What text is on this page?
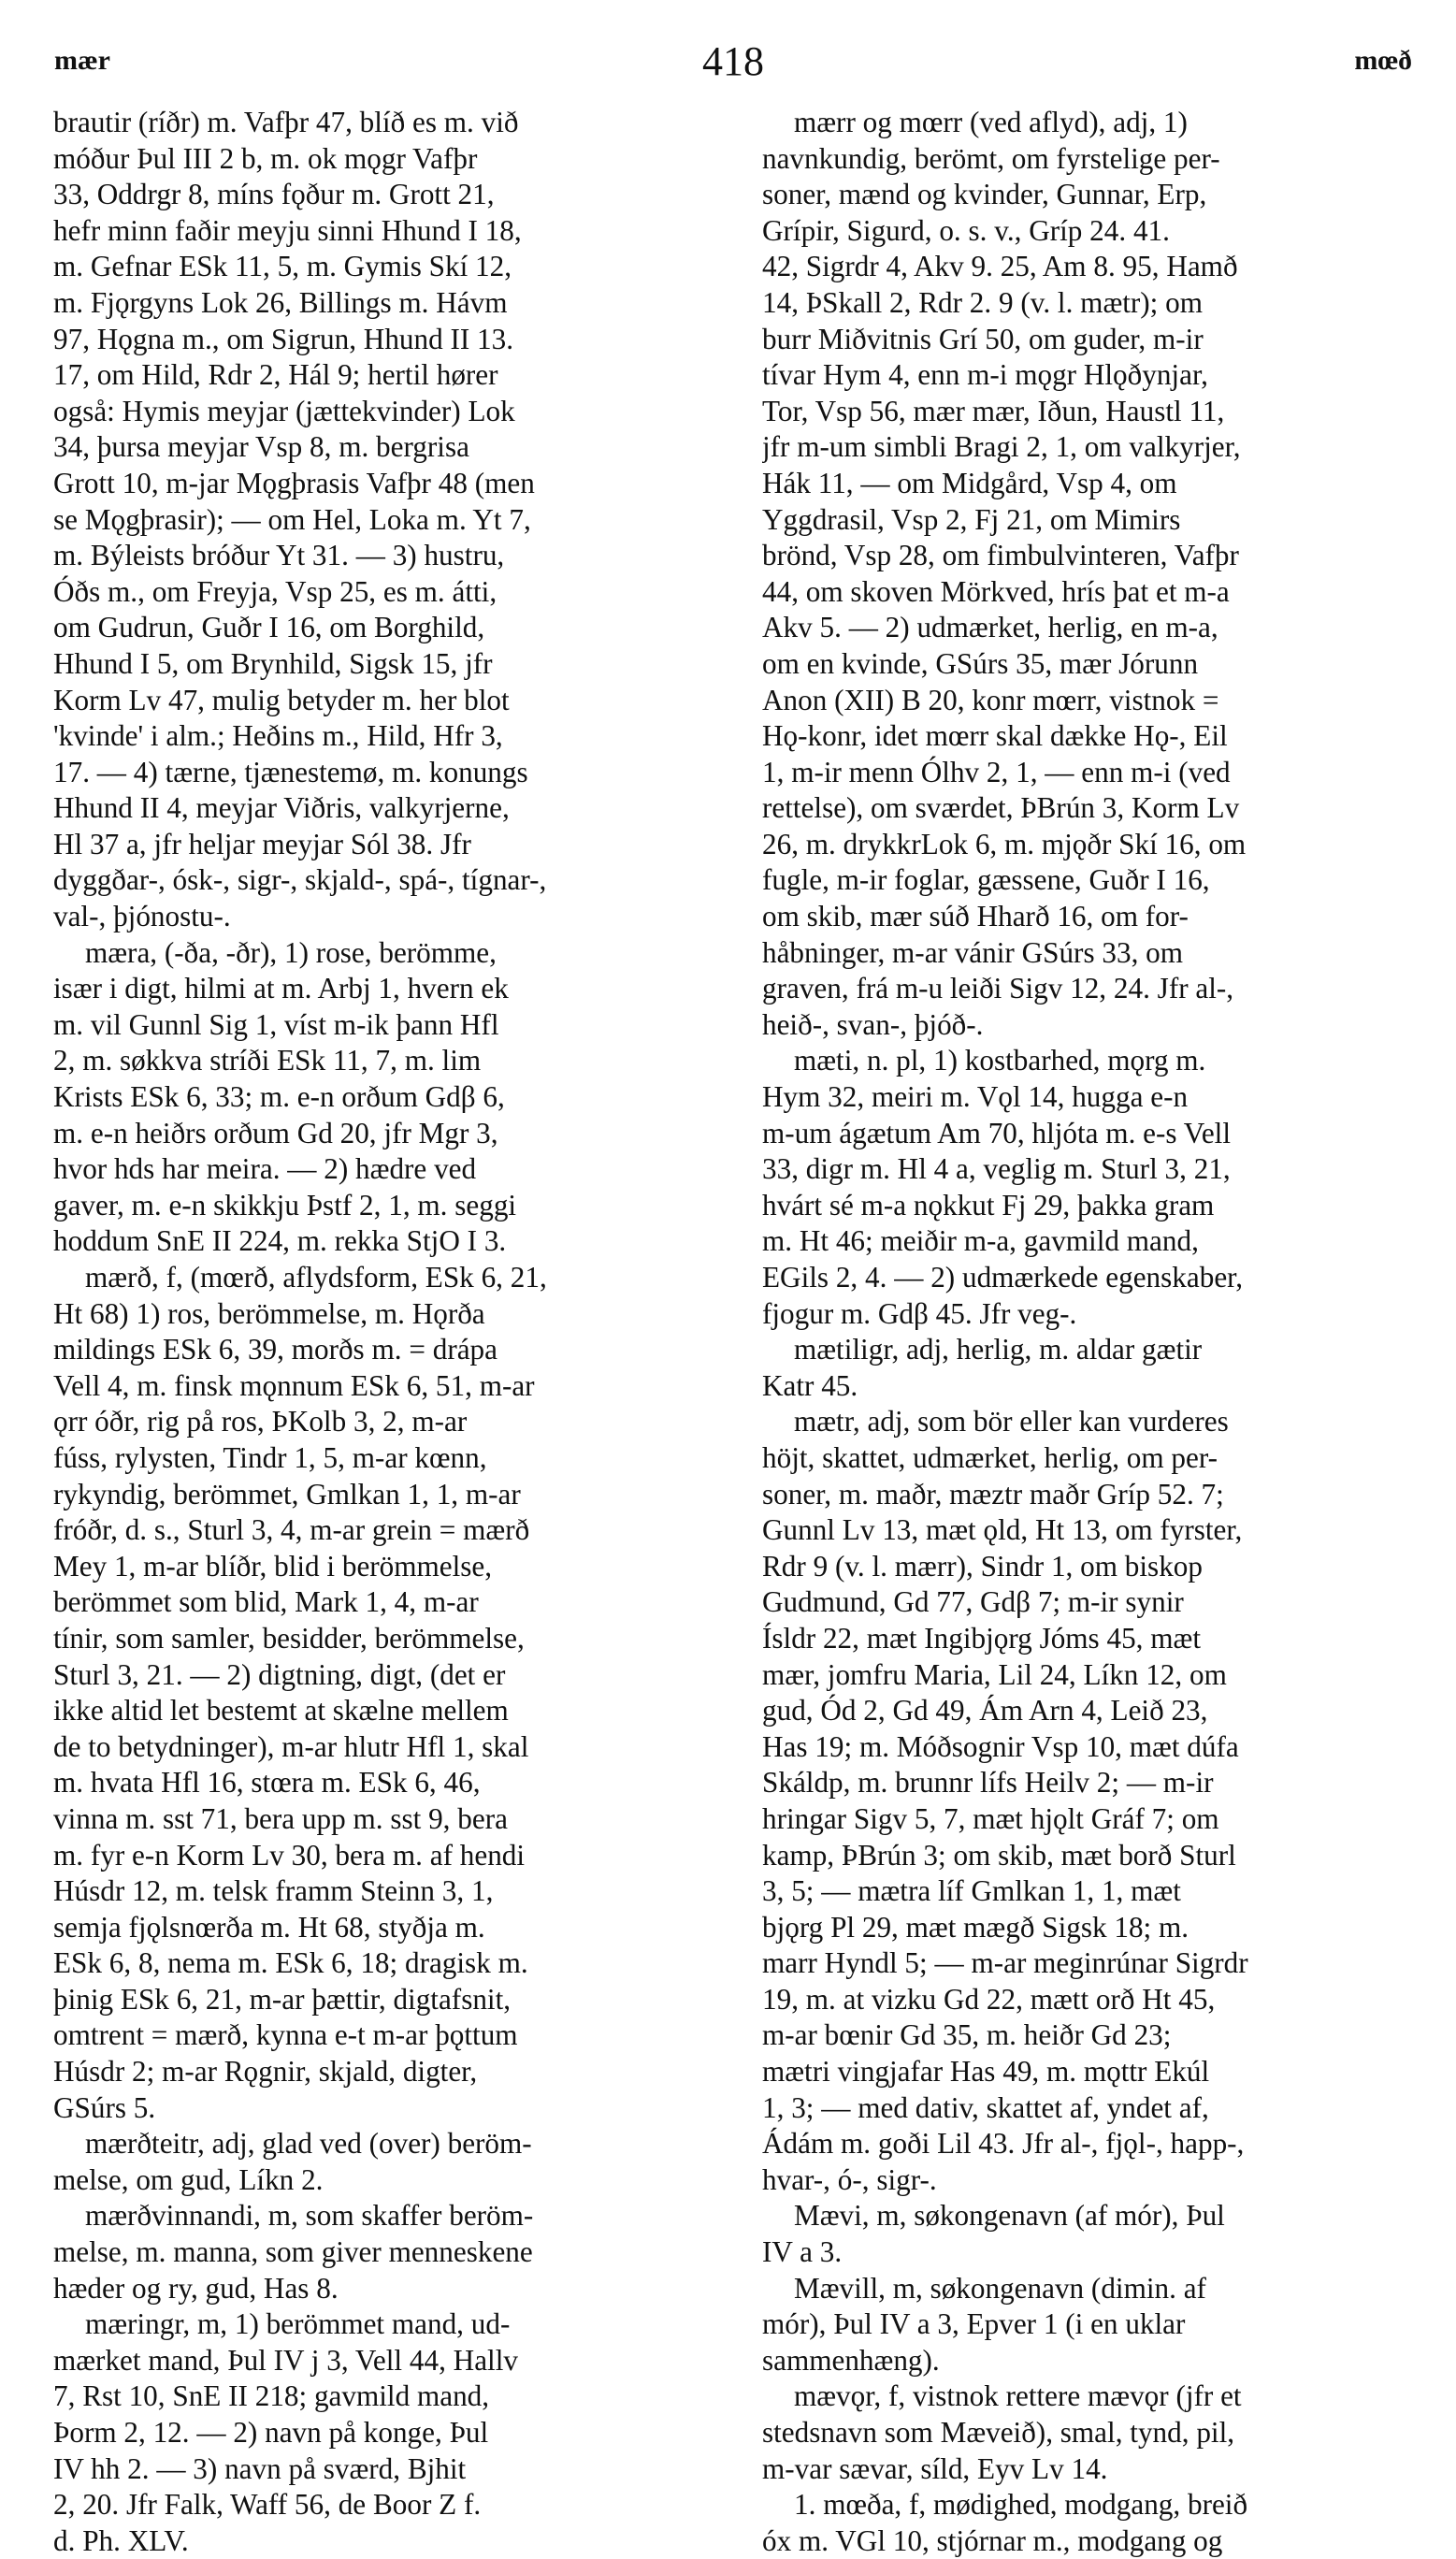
mær	418	mœð
brautir (ríðr) m. Vafþr 47, blíð es m. við
móður Þul III 2 b, m. ok mǫgr Vafþr
33, Oddrgr 8, míns fǫður m. Grott 21,
hefr minn faðir meyju sinni Hhund I 18,
m. Gefnar ESk 11, 5, m. Gymis Skí 12,
m. Fjǫrgyns Lok 26, Billings m. Hávm
97, Hǫgna m., om Sigrun, Hhund II 13.
17, om Hild, Rdr 2, Hál 9; hertil hører
også: Hymis meyjar (jættekvinder) Lok
34, þursa meyjar Vsp 8, m. bergrisa
Grott 10, m-jar Mǫgþrasis Vafþr 48 (men
se Mǫgþrasir); — om Hel, Loka m. Yt 7,
m. Býleists bróður Yt 31. — 3) hustru,
Óðs m., om Freyja, Vsp 25, es m. átti,
om Gudrun, Guðr I 16, om Borghild,
Hhund I 5, om Brynhild, Sigsk 15, jfr
Korm Lv 47, mulig betyder m. her blot
'kvinde' i alm.; Heðins m., Hild, Hfr 3,
17. — 4) tærne, tjænestemø, m. konungs
Hhund II 4, meyjar Viðris, valkyrjerne,
Hl 37 a, jfr heljar meyjar Sól 38. Jfr
dyggðar-, ósk-, sigr-, skjald-, spá-, tígnar-,
val-, þjónostu-.
mæra, (-ða, -ðr), 1) rose, berömme,
især i digt, hilmi at m. Arbj 1, hvern ek
m. vil Gunnl Sig 1, víst m-ik þann Hfl
2, m. søkkva stríði ESk 11, 7, m. lim
Krists ESk 6, 33; m. e-n orðum Gdβ 6,
m. e-n heiðrs orðum Gd 20, jfr Mgr 3,
hvor hds har meira. — 2) hædre ved
gaver, m. e-n skikkju Þstf 2, 1, m. seggi
hoddum SnE II 224, m. rekka StjO I 3.
mærð, f, (mœrð, aflydsform, ESk 6, 21,
Ht 68) 1) ros, berömmelse, m. Hǫrða
mildings ESk 6, 39, morðs m. = drápa
Vell 4, m. finsk mǫnnum ESk 6, 51, m-ar
ǫrr óðr, rig på ros, ÞKolb 3, 2, m-ar
fúss, rylysten, Tindr 1, 5, m-ar kœnn,
rykyndig, berömmet, Gmlkan 1, 1, m-ar
fróðr, d. s., Sturl 3, 4, m-ar grein = mærð
Mey 1, m-ar blíðr, blid i berömmelse,
berömmet som blid, Mark 1, 4, m-ar
tínir, som samler, besidder, berömmelse,
Sturl 3, 21. — 2) digtning, digt, (det er
ikke altid let bestemt at skælne mellem
de to betydninger), m-ar hlutr Hfl 1, skal
m. hvata Hfl 16, stœra m. ESk 6, 46,
vinna m. sst 71, bera upp m. sst 9, bera
m. fyr e-n Korm Lv 30, bera m. af hendi
Húsdr 12, m. telsk framm Steinn 3, 1,
semja fjǫlsnœrða m. Ht 68, styðja m.
ESk 6, 8, nema m. ESk 6, 18; dragisk m.
þinig ESk 6, 21, m-ar þættir, digtafsnit,
omtrent = mærð, kynna e-t m-ar þǫttum
Húsdr 2; m-ar Rǫgnir, skjald, digter,
GSúrs 5.
mærðteitr, adj, glad ved (over) beröm-
melse, om gud, Líkn 2.
mærðvinnandi, m, som skaffer beröm-
melse, m. manna, som giver menneskene
hæder og ry, gud, Has 8.
mæringr, m, 1) berömmet mand, ud-
mærket mand, Þul IV j 3, Vell 44, Hallv
7, Rst 10, SnE II 218; gavmild mand,
Þorm 2, 12. — 2) navn på konge, Þul
IV hh 2. — 3) navn på sværd, Bjhit
2, 20. Jfr Falk, Waff 56, de Boor Z f.
d. Ph. XLV.
mærr og mœrr (ved aflyd), adj, 1)
navnkundig, berömt, om fyrstelige per-
soner, mænd og kvinder, Gunnar, Erp,
Grípir, Sigurd, o. s. v., Gríp 24. 41.
42, Sigrdr 4, Akv 9. 25, Am 8. 95, Hamð
14, ÞSkall 2, Rdr 2. 9 (v. l. mætr); om
burr Miðvitnis Grí 50, om guder, m-ir
tívar Hym 4, enn m-i mǫgr Hlǫðynjar,
Tor, Vsp 56, mær mær, Iðun, Haustl 11,
jfr m-um simbli Bragi 2, 1, om valkyrjer,
Hák 11, — om Midgård, Vsp 4, om
Yggdrasil, Vsp 2, Fj 21, om Mimirs
brönd, Vsp 28, om fimbulvinteren, Vafþr
44, om skoven Mörkved, hrís þat et m-a
Akv 5. — 2) udmærket, herlig, en m-a,
om en kvinde, GSúrs 35, mær Jórunn
Anon (XII) B 20, konr mœrr, vistnok =
Hǫ-konr, idet mœrr skal dække Hǫ-, Eil
1, m-ir menn Ólhv 2, 1, — enn m-i (ved
rettelse), om sværdet, ÞBrún 3, Korm Lv
26, m. drykkrLok 6, m. mjǫðr Skí 16, om
fugle, m-ir foglar, gæssene, Guðr I 16,
om skib, mær súð Hharð 16, om for-
håbninger, m-ar vánir GSúrs 33, om
graven, frá m-u leiði Sigv 12, 24. Jfr al-,
heið-, svan-, þjóð-.
mæti, n. pl, 1) kostbarhed, mǫrg m.
Hym 32, meiri m. Vǫl 14, hugga e-n
m-um ágætum Am 70, hljóta m. e-s Vell
33, digr m. Hl 4 a, veglig m. Sturl 3, 21,
hvárt sé m-a nǫkkut Fj 29, þakka gram
m. Ht 46; meiðir m-a, gavmild mand,
EGils 2, 4. — 2) udmærkede egenskaber,
fjogur m. Gdβ 45. Jfr veg-.
mætiligr, adj, herlig, m. aldar gætir
Katr 45.
mætr, adj, som bör eller kan vurderes
höjt, skattet, udmærket, herlig, om per-
soner, m. maðr, mæztr maðr Gríp 52. 7;
Gunnl Lv 13, mæt ǫld, Ht 13, om fyrster,
Rdr 9 (v. l. mærr), Sindr 1, om biskop
Gudmund, Gd 77, Gdβ 7; m-ir synir
Ísldr 22, mæt Ingibjǫrg Jóms 45, mæt
mær, jomfru Maria, Lil 24, Líkn 12, om
gud, Ód 2, Gd 49, Ám Arn 4, Leið 23,
Has 19; m. Móðsognir Vsp 10, mæt dúfa
Skáldp, m. brunnr lífs Heilv 2; — m-ir
hringar Sigv 5, 7, mæt hjǫlt Gráf 7; om
kamp, ÞBrún 3; om skib, mæt borð Sturl
3, 5; — mætra líf Gmlkan 1, 1, mæt
bjǫrg Pl 29, mæt mægð Sigsk 18; m.
marr Hyndl 5; — m-ar meginrúnar Sigrdr
19, m. at vizku Gd 22, mætt orð Ht 45,
m-ar bœnir Gd 35, m. heiðr Gd 23;
mætri vingjafar Has 49, m. mǫttr Ekúl
1, 3; — med dativ, skattet af, yndet af,
Ádám m. goði Lil 43. Jfr al-, fjǫl-, happ-,
hvar-, ó-, sigr-.
Mævi, m, søkongenavn (af mór), Þul
IV a 3.
Mævill, m, søkongenavn (dimin. af
mór), Þul IV a 3, Epver 1 (i en uklar
sammenhæng).
mævǫr, f, vistnok rettere mævǫr (jfr et
stedsnavn som Mæveið), smal, tynd, pil,
m-var sævar, síld, Eyv Lv 14.
1. mœða, f, mødighed, modgang, breið
óx m. VGl 10, stjórnar m., modgang og
